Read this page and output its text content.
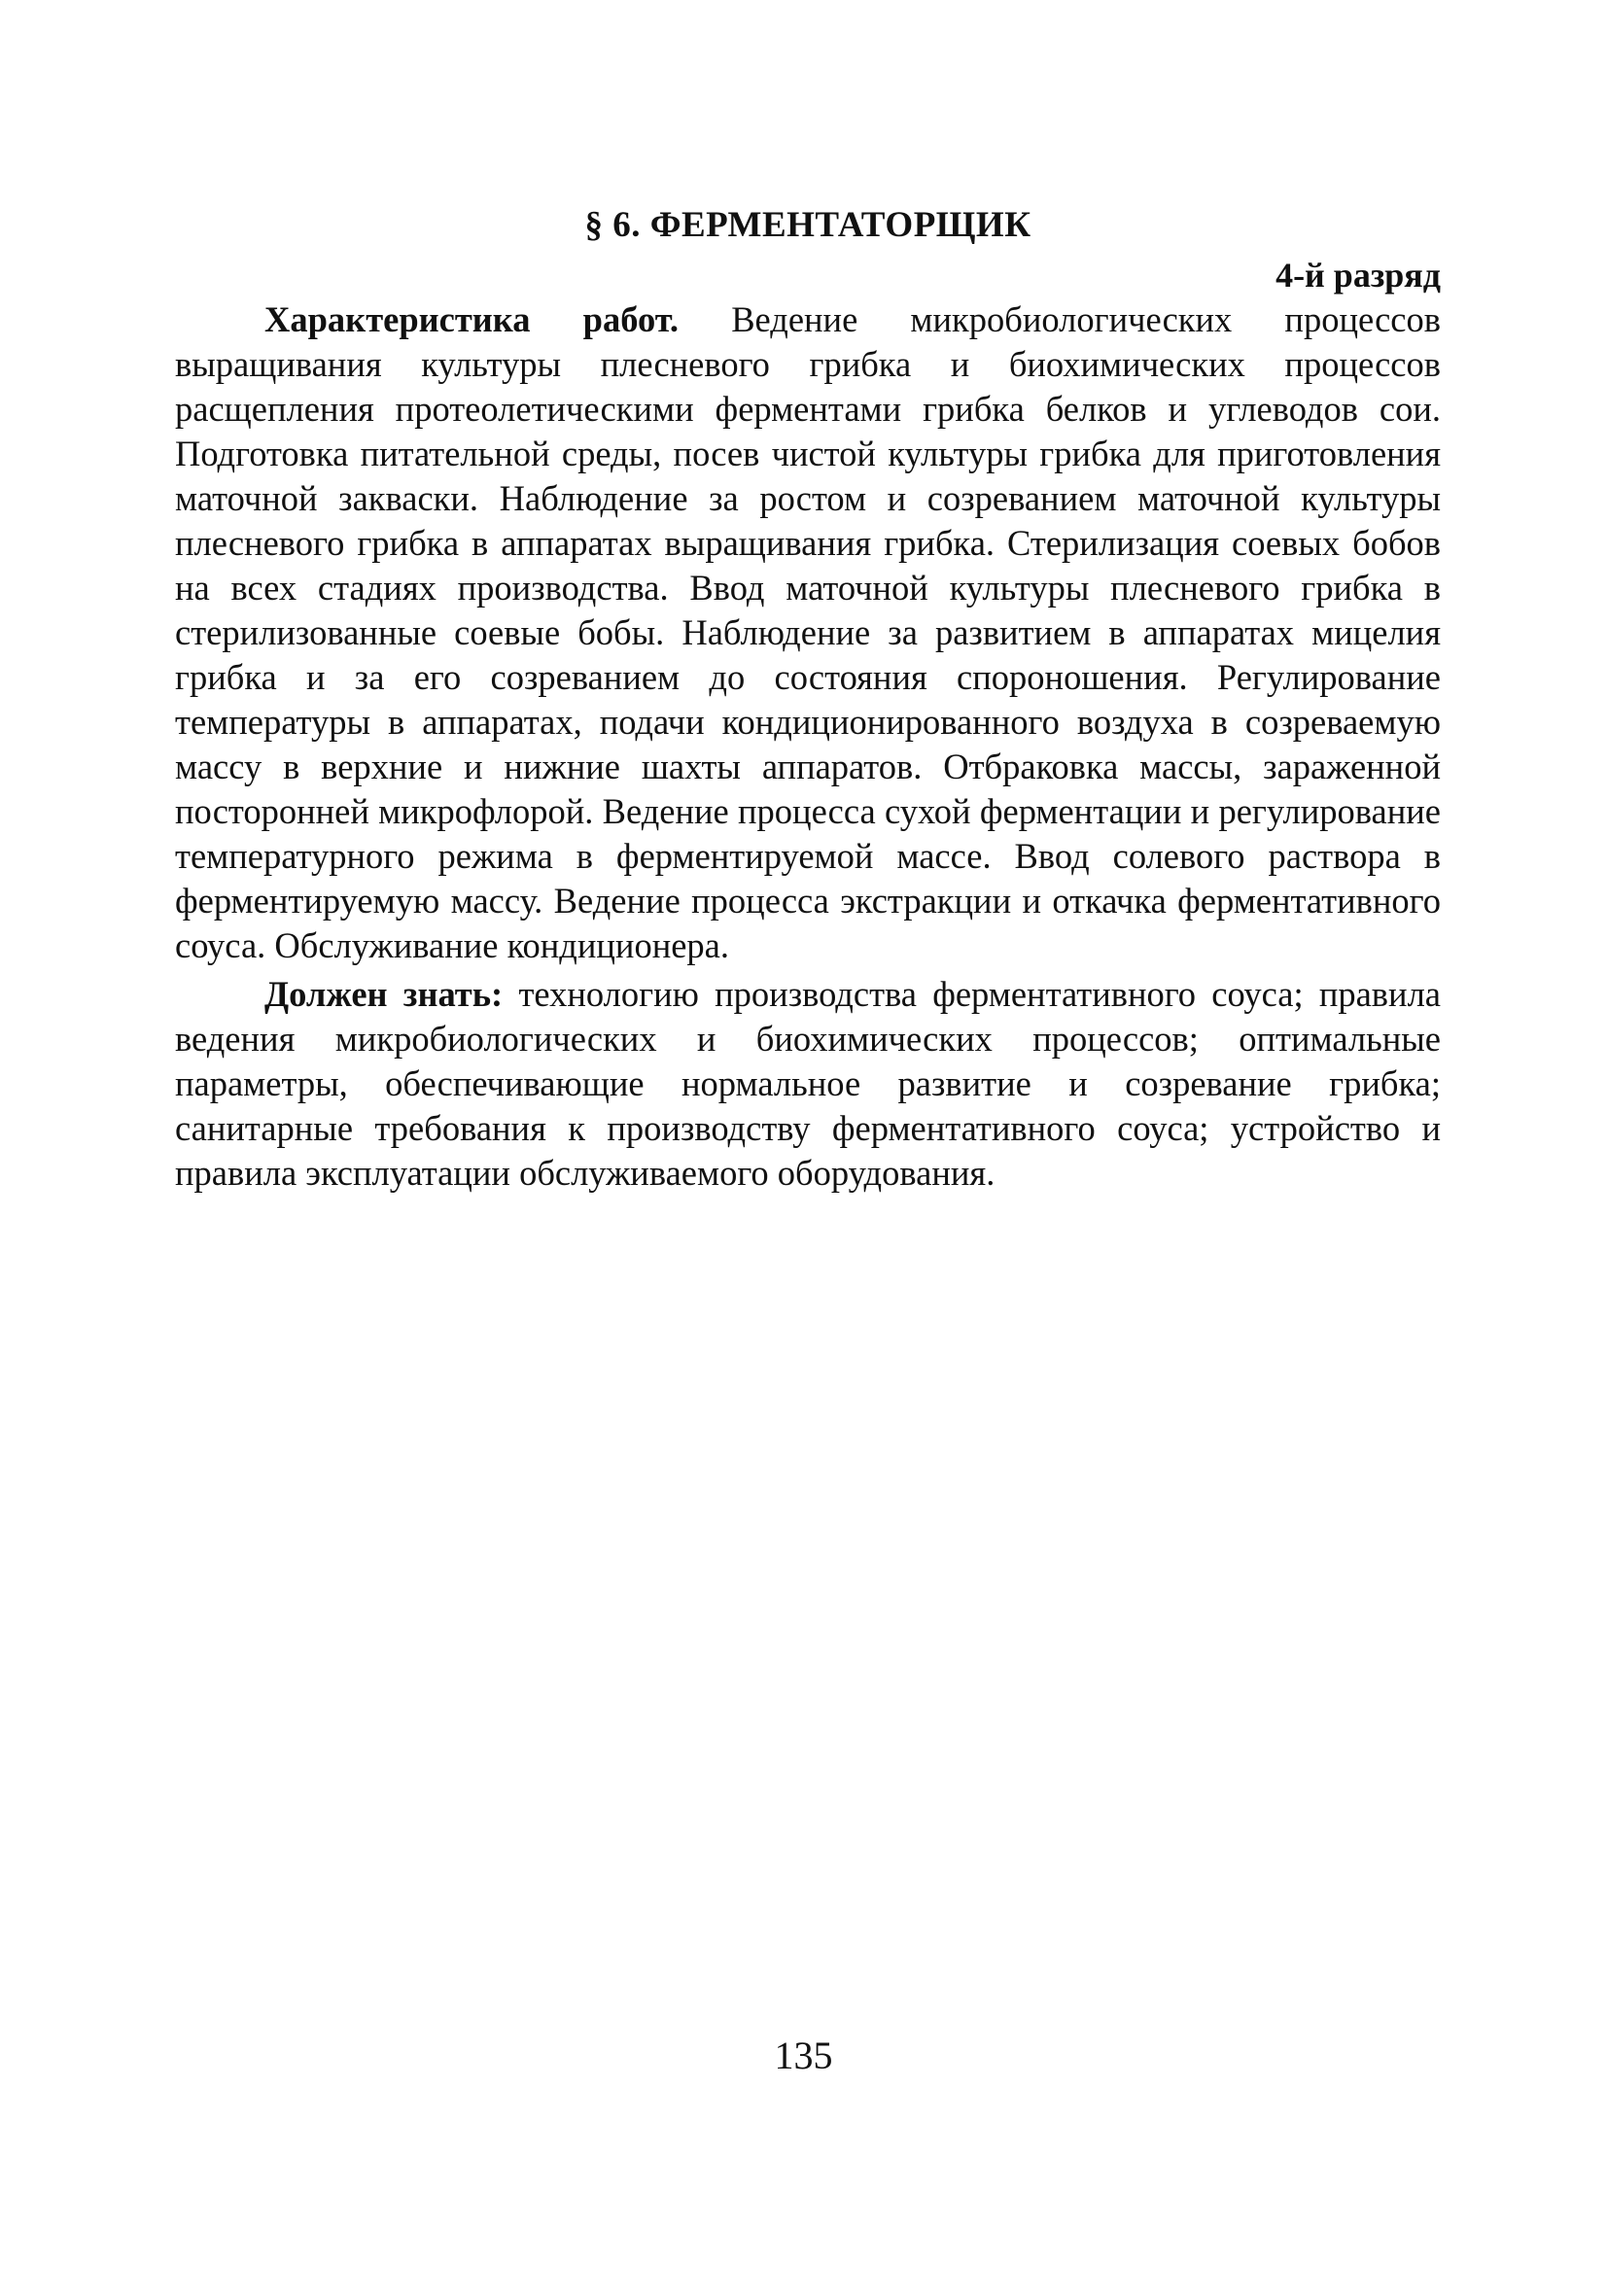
§ 6. ФЕРМЕНТАТОРЩИК

4-й разряд

Характеристика работ. Ведение микробиологических процессов выращивания культуры плесневого грибка и биохимических процессов расщепления протеолетическими ферментами грибка белков и углеводов сои. Подготовка питательной среды, посев чистой культуры грибка для приготовления маточной закваски. Наблюдение за ростом и созреванием маточной культуры плесневого грибка в аппаратах выращивания грибка. Стерилизация соевых бобов на всех стадиях производства. Ввод маточной культуры плесневого грибка в стерилизованные соевые бобы. Наблюдение за развитием в аппаратах мицелия грибка и за его созреванием до состояния спороношения. Регулирование температуры в аппаратах, подачи кондиционированного воздуха в созреваемую массу в верхние и нижние шахты аппаратов. Отбраковка массы, зараженной посторонней микрофлорой. Ведение процесса сухой ферментации и регулирование температурного режима в ферментируемой массе. Ввод солевого раствора в ферментируемую массу. Ведение процесса экстракции и откачка ферментативного соуса. Обслуживание кондиционера.

Должен знать: технологию производства ферментативного соуса; правила ведения микробиологических и биохимических процессов; оптимальные параметры, обеспечивающие нормальное развитие и созревание грибка; санитарные требования к производству ферментативного соуса; устройство и правила эксплуатации обслуживаемого оборудования.

135
